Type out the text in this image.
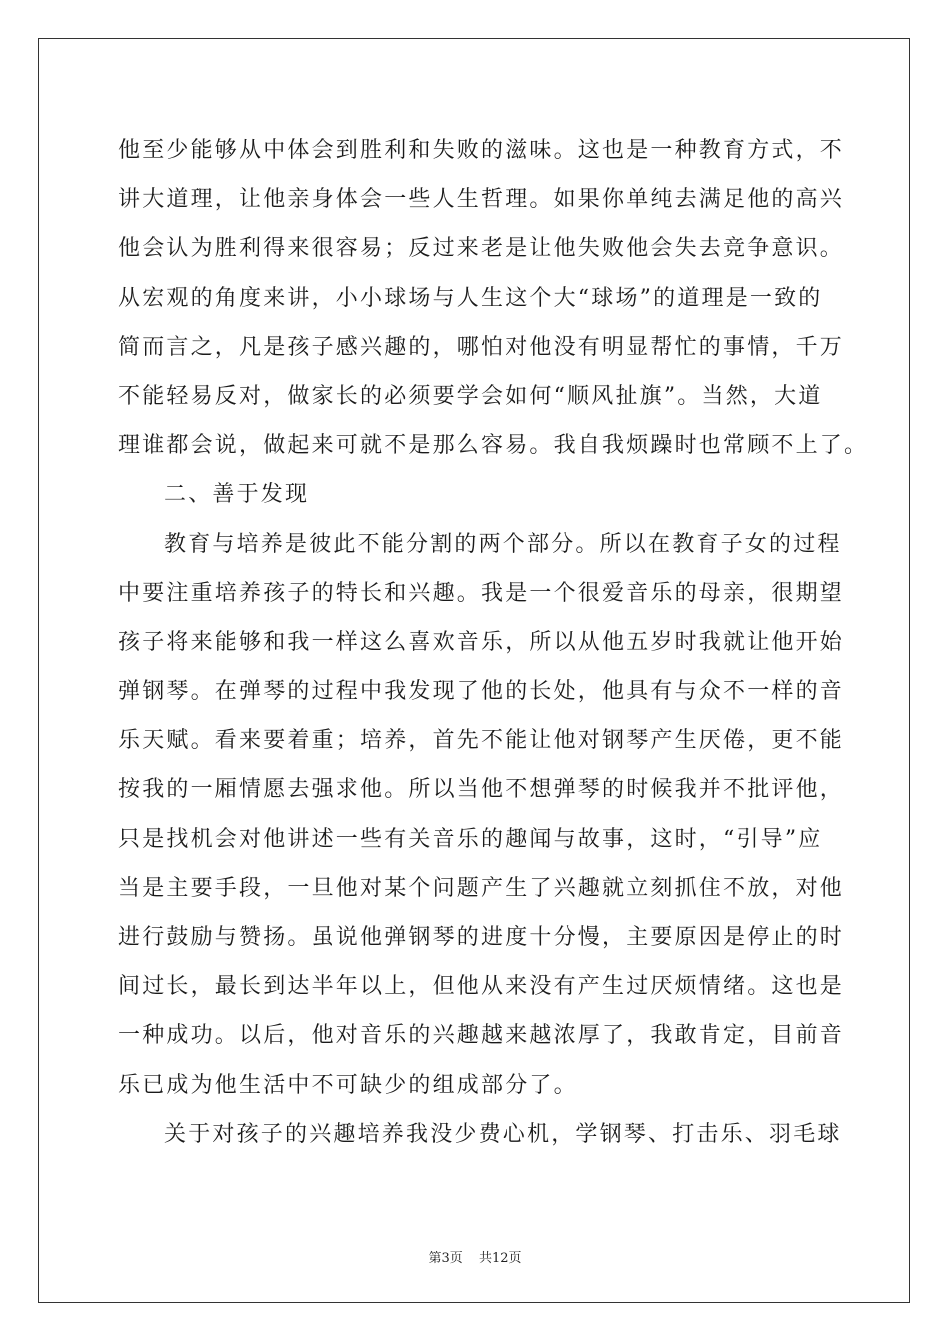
他至少能够从中体会到胜利和失败的滋味。这也是一种教育方式，不
讲大道理，让他亲身体会一些人生哲理。如果你单纯去满足他的高兴
他会认为胜利得来很容易；反过来老是让他失败他会失去竞争意识。
从宏观的角度来讲，小小球场与人生这个大“球场”的道理是一致的
简而言之，凡是孩子感兴趣的，哪怕对他没有明显帮忙的事情，千万
不能轻易反对，做家长的必须要学会如何“顺风扯旗”。当然，大道
理谁都会说，做起来可就不是那么容易。我自我烦躁时也常顾不上了。
二、善于发现
教育与培养是彼此不能分割的两个部分。所以在教育子女的过程
中要注重培养孩子的特长和兴趣。我是一个很爱音乐的母亲，很期望
孩子将来能够和我一样这么喜欢音乐，所以从他五岁时我就让他开始
弹钢琴。在弹琴的过程中我发现了他的长处，他具有与众不一样的音
乐天赋。看来要着重；培养，首先不能让他对钢琴产生厌倦，更不能
按我的一厢情愿去强求他。所以当他不想弹琴的时候我并不批评他，
只是找机会对他讲述一些有关音乐的趣闻与故事，这时，“引导”应
当是主要手段，一旦他对某个问题产生了兴趣就立刻抓住不放，对他
进行鼓励与赞扬。虽说他弹钢琴的进度十分慢，主要原因是停止的时
间过长，最长到达半年以上，但他从来没有产生过厌烦情绪。这也是
一种成功。以后，他对音乐的兴趣越来越浓厚了，我敢肯定，目前音
乐已成为他生活中不可缺少的组成部分了。
关于对孩子的兴趣培养我没少费心机，学钢琴、打击乐、羽毛球
第3页 共12页
